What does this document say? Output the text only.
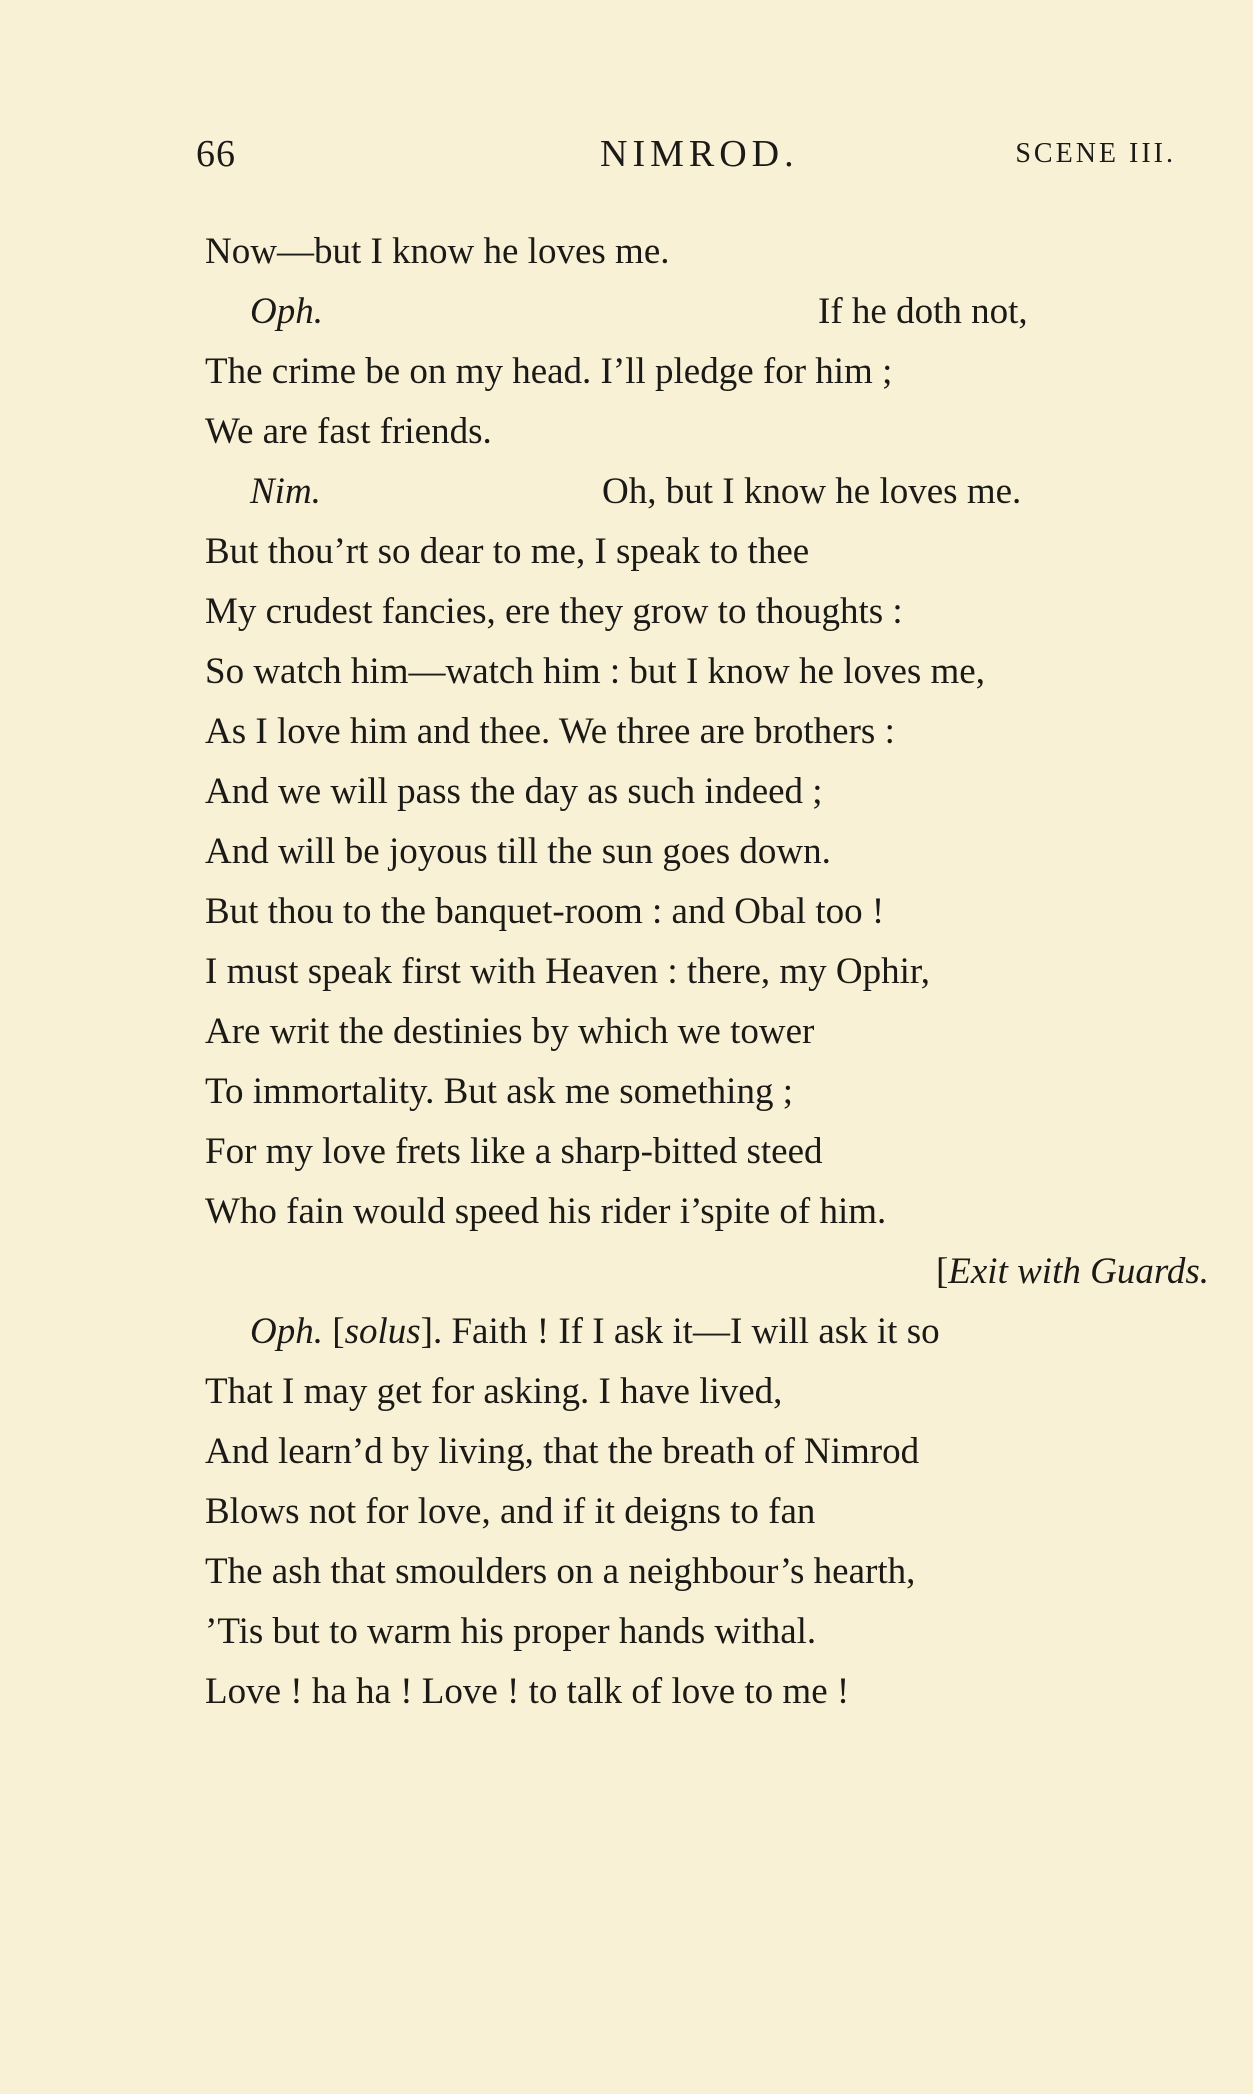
66	NIMROD.	SCENE III.
Now—but I know he loves me.
Oph.	If he doth not,
The crime be on my head. I’ll pledge for him ;
We are fast friends.
Nim.	Oh, but I know he loves me.
But thou’rt so dear to me, I speak to thee
My crudest fancies, ere they grow to thoughts :
So watch him—watch him : but I know he loves me,
As I love him and thee. We three are brothers :
And we will pass the day as such indeed ;
And will be joyous till the sun goes down.
But thou to the banquet-room : and Obal too !
I must speak first with Heaven : there, my Ophir,
Are writ the destinies by which we tower
To immortality. But ask me something ;
For my love frets like a sharp-bitted steed
Who fain would speed his rider i’spite of him.
[Exit with Guards.
Oph. [solus]. Faith ! If I ask it—I will ask it so
That I may get for asking. I have lived,
And learn’d by living, that the breath of Nimrod
Blows not for love, and if it deigns to fan
The ash that smoulders on a neighbour’s hearth,
’Tis but to warm his proper hands withal.
Love ! ha ha ! Love ! to talk of love to me !
